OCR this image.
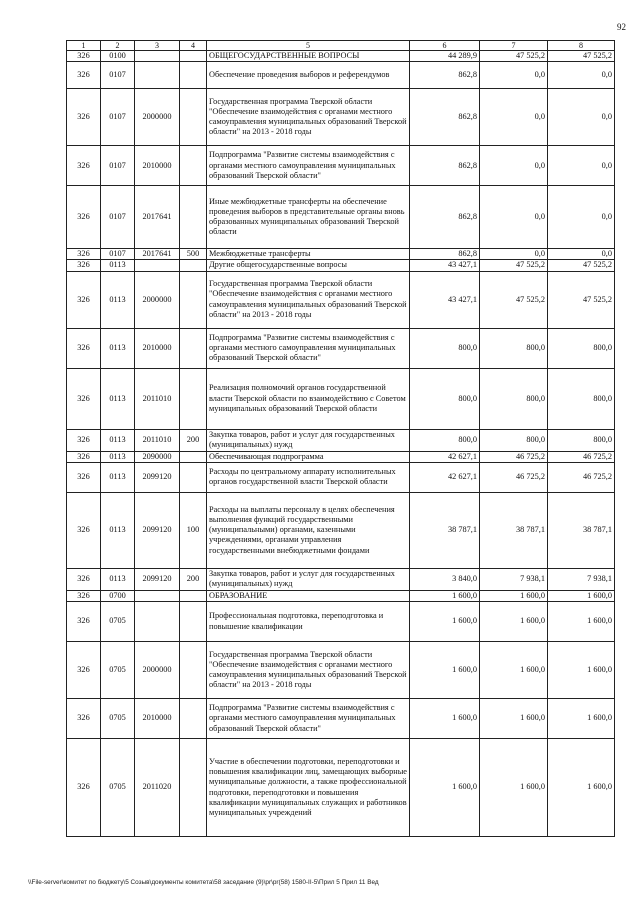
92
1	2	3	4	5	6	7	8
326	0100			ОБЩЕГОСУДАРСТВЕННЫЕ ВОПРОСЫ	44 289,9	47 525,2	47 525,2
326	0107			Обеспечение проведения выборов и референдумов	862,8	0,0	0,0
326	0107	2000000		Государственная программа Тверской области "Обеспечение взаимодействия с органами местного самоуправления муниципальных образований Тверской области" на 2013 - 2018 годы	862,8	0,0	0,0
326	0107	2010000		Подпрограмма "Развитие системы взаимодействия с органами местного самоуправления муниципальных образований Тверской области"	862,8	0,0	0,0
326	0107	2017641		Иные межбюджетные трансферты на обеспечение проведения выборов в представительные органы вновь образованных муниципальных образований Тверской области	862,8	0,0	0,0
326	0107	2017641	500	Межбюджетные трансферты	862,8	0,0	0,0
326	0113			Другие общегосударственные вопросы	43 427,1	47 525,2	47 525,2
326	0113	2000000		Государственная программа Тверской области "Обеспечение взаимодействия с органами местного самоуправления муниципальных образований Тверской области" на 2013 - 2018 годы	43 427,1	47 525,2	47 525,2
326	0113	2010000		Подпрограмма "Развитие системы взаимодействия с органами местного самоуправления муниципальных образований Тверской области"	800,0	800,0	800,0
326	0113	2011010		Реализация полномочий органов государственной власти Тверской области по взаимодействию с Советом муниципальных образований Тверской области	800,0	800,0	800,0
326	0113	2011010	200	Закупка товаров, работ и услуг для государственных (муниципальных) нужд	800,0	800,0	800,0
326	0113	2090000		Обеспечивающая подпрограмма	42 627,1	46 725,2	46 725,2
326	0113	2099120		Расходы по центральному аппарату исполнительных органов государственной власти Тверской области	42 627,1	46 725,2	46 725,2
326	0113	2099120	100	Расходы на выплаты персоналу в целях обеспечения выполнения функций государственными (муниципальными) органами, казенными учреждениями, органами управления государственными внебюджетными фондами	38 787,1	38 787,1	38 787,1
326	0113	2099120	200	Закупка товаров, работ и услуг для государственных (муниципальных) нужд	3 840,0	7 938,1	7 938,1
326	0700			ОБРАЗОВАНИЕ	1 600,0	1 600,0	1 600,0
326	0705			Профессиональная подготовка, переподготовка и повышение квалификации	1 600,0	1 600,0	1 600,0
326	0705	2000000		Государственная программа Тверской области "Обеспечение взаимодействия с органами местного самоуправления муниципальных образований Тверской области" на 2013 - 2018 годы	1 600,0	1 600,0	1 600,0
326	0705	2010000		Подпрограмма "Развитие системы взаимодействия с органами местного самоуправления муниципальных образований Тверской области"	1 600,0	1 600,0	1 600,0
326	0705	2011020		Участие в обеспечении подготовки, переподготовки и повышения квалификации лиц, замещающих выборные муниципальные должности, а также профессиональной подготовки, переподготовки и повышения квалификации муниципальных служащих и работников муниципальных учреждений	1 600,0	1 600,0	1 600,0
\\File-server\комитет по бюджету\5 Созыв\документы комитета\58 заседание (9)\pr\pr(58) 1580-II-5\Прил 5 Прил 11 Вед
